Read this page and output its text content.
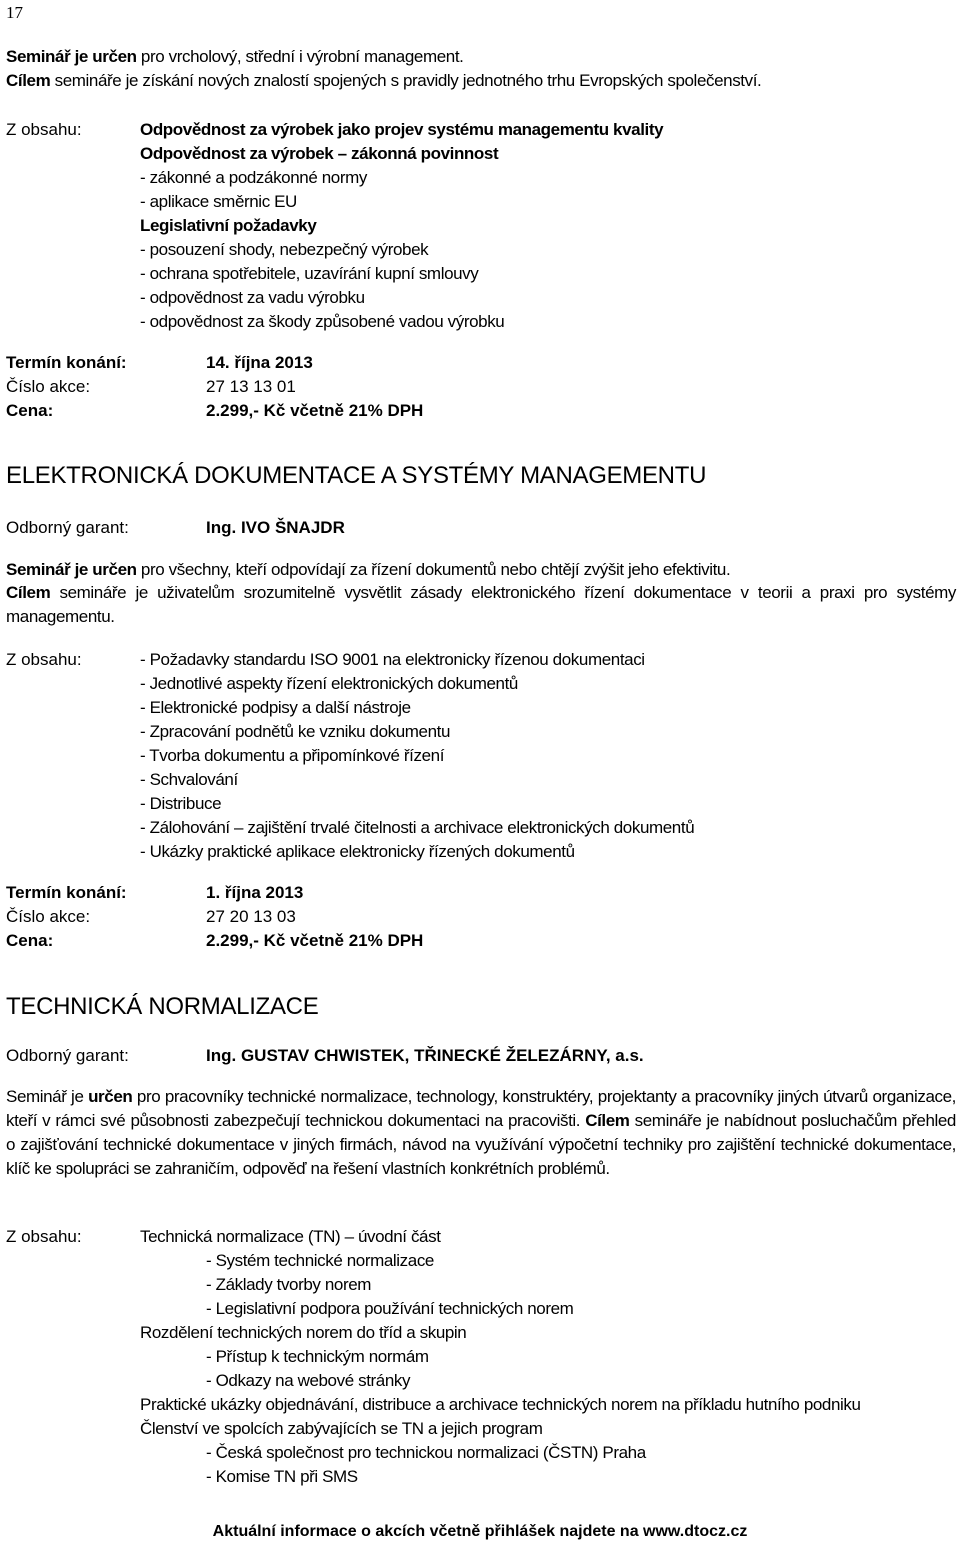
17
Seminář je určen pro vrcholový, střední i výrobní management.
Cílem semináře je získání nových znalostí spojených s pravidly jednotného trhu Evropských společenství.
Z obsahu:	Odpovědnost za výrobek jako projev systému managementu kvality
Odpovědnost za výrobek – zákonná povinnost
- zákonné a podzákonné normy
- aplikace směrnic EU
Legislativní požadavky
- posouzení shody, nebezpečný výrobek
- ochrana spotřebitele, uzavírání kupní smlouvy
- odpovědnost za vadu výrobku
- odpovědnost za škody způsobené vadou výrobku
Termín konání:	14. října 2013
Číslo akce:	27 13 13 01
Cena:	2.299,- Kč včetně 21% DPH
ELEKTRONICKÁ DOKUMENTACE A SYSTÉMY MANAGEMENTU
Odborný garant:	Ing. IVO ŠNAJDR
Seminář je určen pro všechny, kteří odpovídají za řízení dokumentů nebo chtějí zvýšit jeho efektivitu.
Cílem semináře je uživatelům srozumitelně vysvětlit zásady elektronického řízení dokumentace v teorii a praxi pro systémy managementu.
Z obsahu:	- Požadavky standardu ISO 9001 na elektronicky řízenou dokumentaci
- Jednotlivé aspekty řízení elektronických dokumentů
- Elektronické podpisy a další nástroje
- Zpracování podnětů ke vzniku dokumentu
- Tvorba dokumentu a připomínkové řízení
- Schvalování
- Distribuce
- Zálohování – zajištění trvalé čitelnosti a archivace elektronických dokumentů
- Ukázky praktické aplikace elektronicky řízených dokumentů
Termín konání:	1. října 2013
Číslo akce:	27 20 13 03
Cena:	2.299,- Kč včetně 21% DPH
TECHNICKÁ NORMALIZACE
Odborný garant:	Ing. GUSTAV CHWISTEK, TŘINECKÉ ŽELEZÁRNY, a.s.
Seminář je určen pro pracovníky technické normalizace, technology, konstruktéry, projektanty a pracovníky jiných útvarů organizace, kteří v rámci své působnosti zabezpečují technickou dokumentaci na pracovišti. Cílem semináře je nabídnout posluchačům přehled o zajišťování technické dokumentace v jiných firmách, návod na využívání výpočetní techniky pro zajištění technické dokumentace, klíč ke spolupráci se zahraničím, odpověď na řešení vlastních konkrétních problémů.
Z obsahu:	Technická normalizace (TN) – úvodní část
- Systém technické normalizace
- Základy tvorby norem
- Legislativní podpora používání technických norem
Rozdělení technických norem do tříd a skupin
- Přístup k technickým normám
- Odkazy na webové stránky
Praktické ukázky objednávání, distribuce a archivace technických norem na příkladu hutního podniku
Členství ve spolcích zabývajících se TN a jejich program
- Česká společnost pro technickou normalizaci (ČSTN) Praha
- Komise TN při SMS
Aktuální informace o akcích včetně přihlášek najdete na www.dtocz.cz
